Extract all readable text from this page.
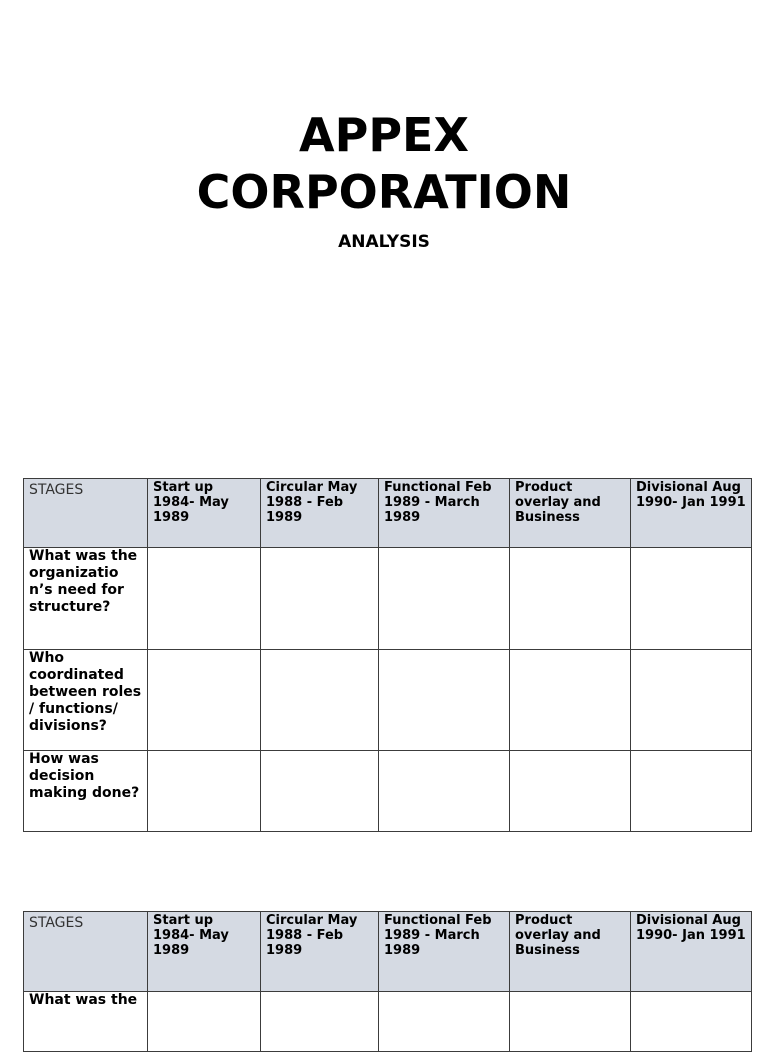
APPEX
CORPORATION
ANALYSIS
STAGES	Start up 1984- May 1989	Circular May 1988 - Feb 1989	Functional Feb 1989 - March 1989	Product overlay and Business	Divisional Aug 1990- Jan 1991
What was the organizatio n’s need for structure?					
Who coordinated between roles / functions/ divisions?					
How was decision making done?					
STAGES	Start up 1984- May 1989	Circular May 1988 - Feb 1989	Functional Feb 1989 - March 1989	Product overlay and Business	Divisional Aug 1990- Jan 1991
What was the					
